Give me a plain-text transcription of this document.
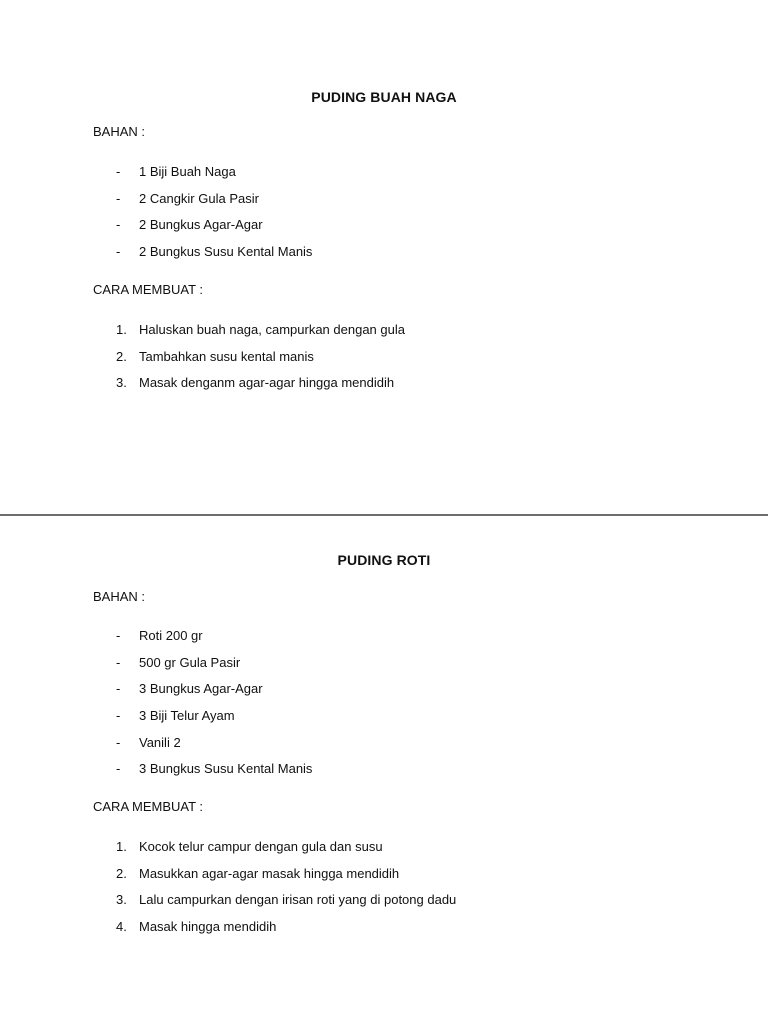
PUDING BUAH NAGA
BAHAN :
- 1 Biji Buah Naga
- 2 Cangkir Gula Pasir
- 2 Bungkus Agar-Agar
- 2 Bungkus Susu Kental Manis
CARA MEMBUAT :
1. Haluskan buah naga, campurkan dengan gula
2. Tambahkan susu kental manis
3. Masak denganm agar-agar hingga mendidih
PUDING ROTI
BAHAN :
- Roti 200 gr
- 500 gr Gula Pasir
- 3 Bungkus Agar-Agar
- 3 Biji Telur Ayam
- Vanili 2
- 3 Bungkus Susu Kental Manis
CARA MEMBUAT :
1. Kocok telur campur dengan gula dan susu
2. Masukkan agar-agar masak hingga mendidih
3. Lalu campurkan dengan irisan roti yang di potong dadu
4. Masak hingga mendidih
